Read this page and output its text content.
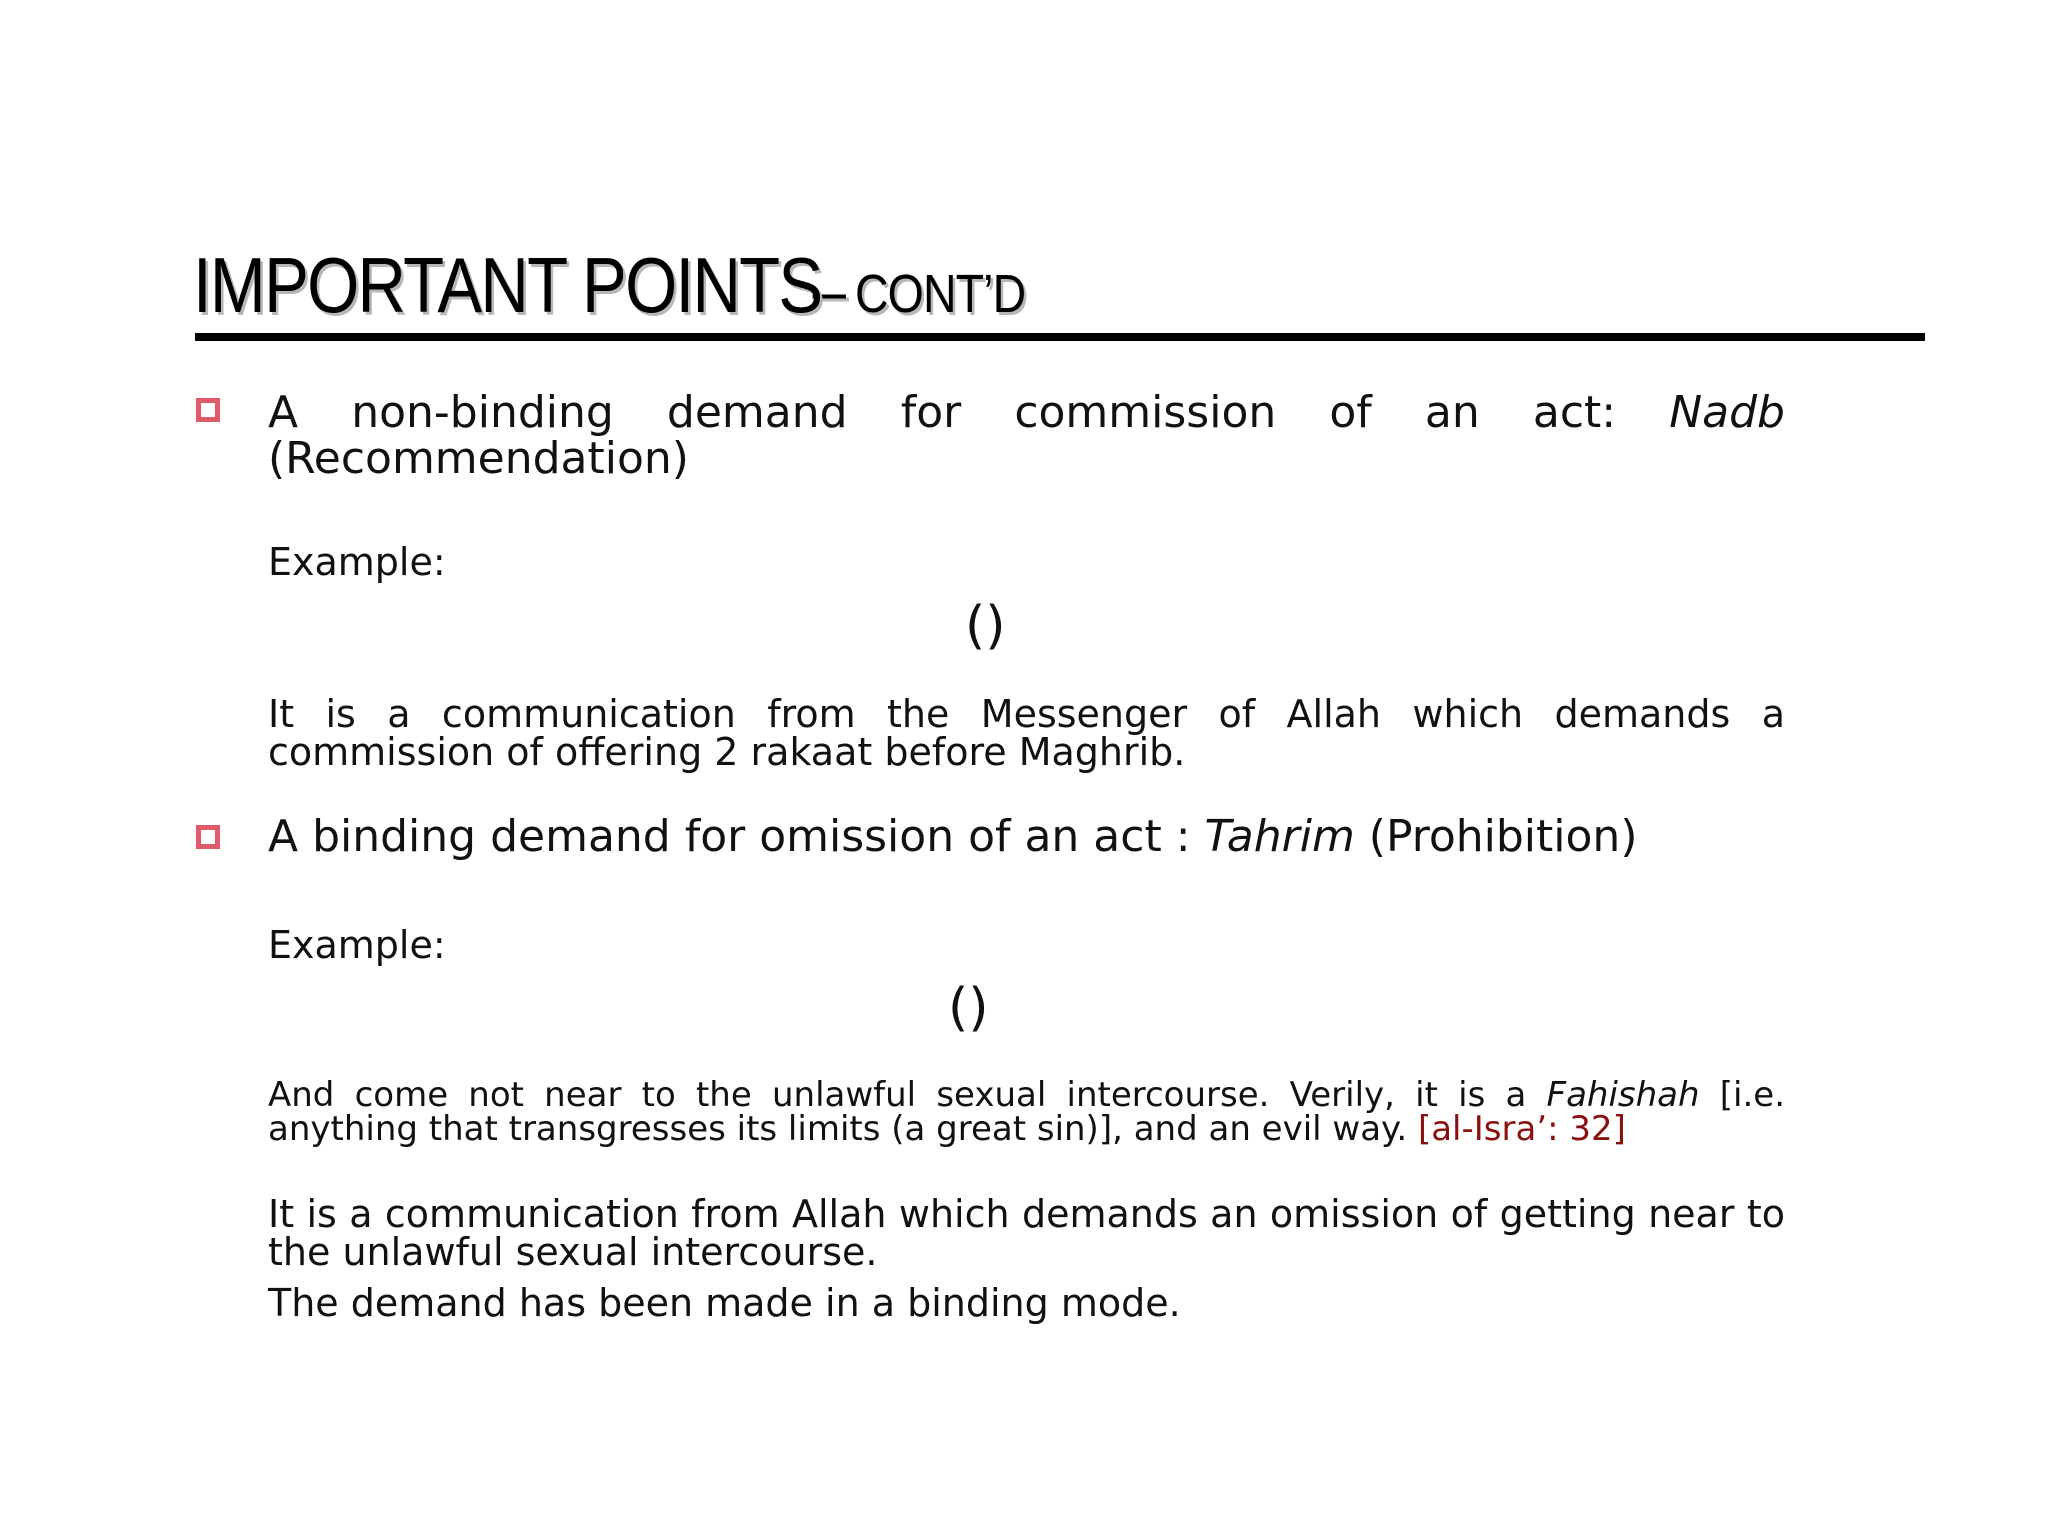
IMPORTANT POINTS – CONT’D
A non-binding demand for commission of an act: Nadb (Recommendation)
Example:
()
It is a communication from the Messenger of Allah which demands a commission of offering 2 rakaat before Maghrib.
A binding demand for omission of an act : Tahrim (Prohibition)
Example:
()
And come not near to the unlawful sexual intercourse. Verily, it is a Fahishah [i.e. anything that transgresses its limits (a great sin)], and an evil way. [al-Isra’: 32]
It is a communication from Allah which demands an omission of getting near to the unlawful sexual intercourse.
The demand has been made in a binding mode.
